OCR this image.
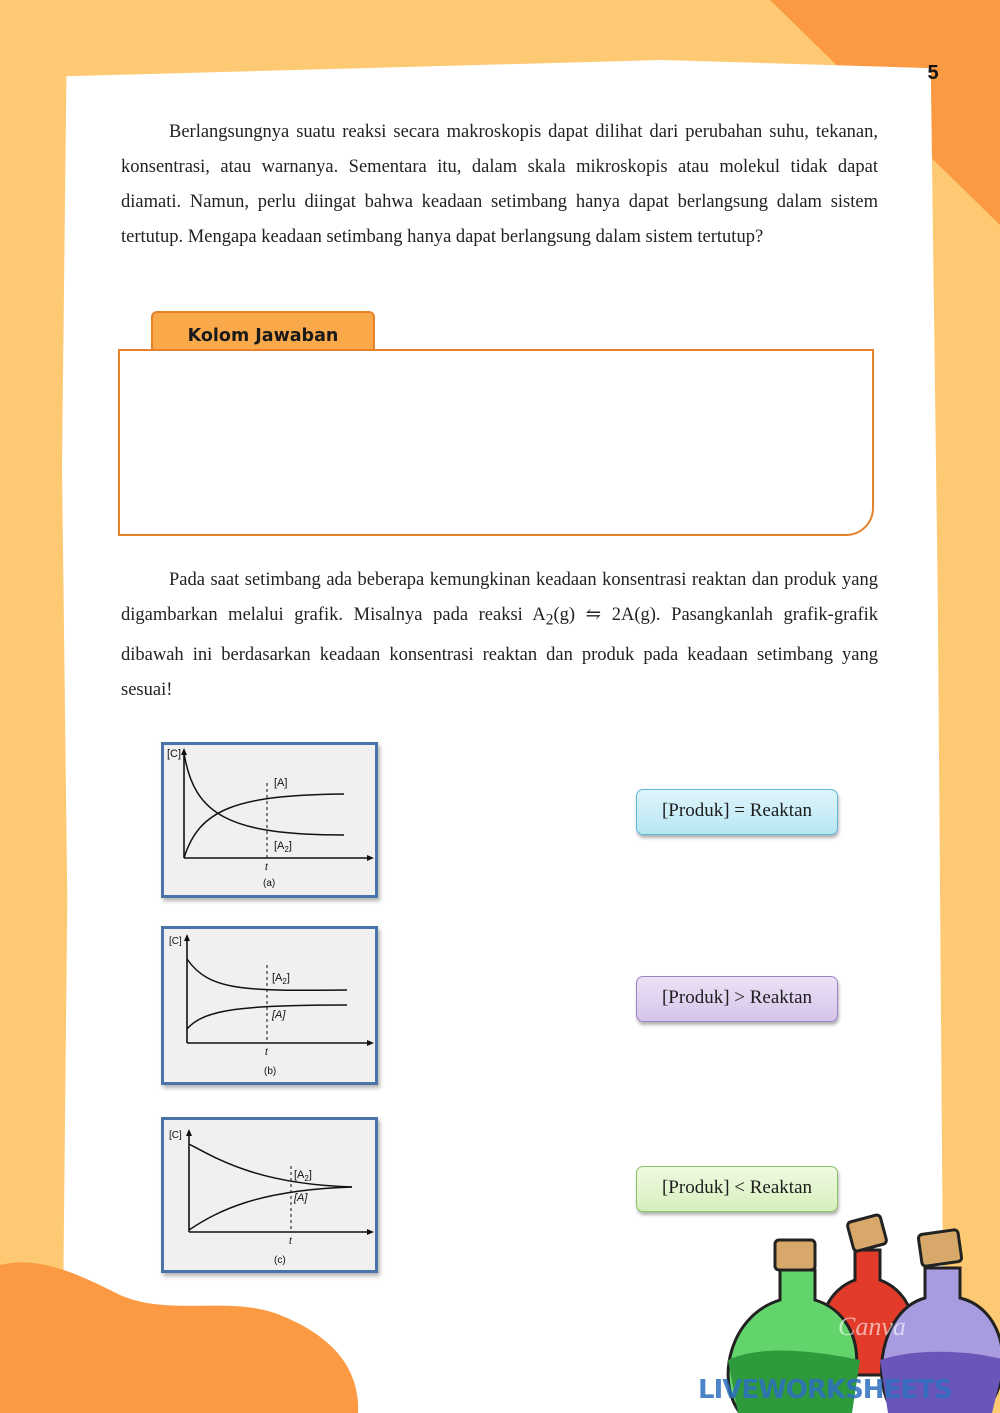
5

Berlangsungnya suatu reaksi secara makroskopis dapat dilihat dari perubahan suhu, tekanan, konsentrasi, atau warnanya. Sementara itu, dalam skala mikroskopis atau molekul tidak dapat diamati. Namun, perlu diingat bahwa keadaan setimbang hanya dapat berlangsung dalam sistem tertutup. Mengapa keadaan setimbang hanya dapat berlangsung dalam sistem tertutup?

Kolom Jawaban

Pada saat setimbang ada beberapa kemungkinan keadaan konsentrasi reaktan dan produk yang digambarkan melalui grafik. Misalnya pada reaksi $A_2(g)$ ⇋ 2A(g). Pasangkanlah grafik-grafik dibawah ini berdasarkan keadaan konsentrasi reaktan dan produk pada keadaan setimbang yang sesuai!

[C]
[A]
$[A_2]$
t
(a)
[C]
$[A_2]$
[A]
t
(b)
[C]
$[A_2]$
[A]
t
(c)
[Produk] = Reaktan
[Produk] > Reaktan
[Produk] < Reaktan
Canva
LIVEWORKSHEETS
